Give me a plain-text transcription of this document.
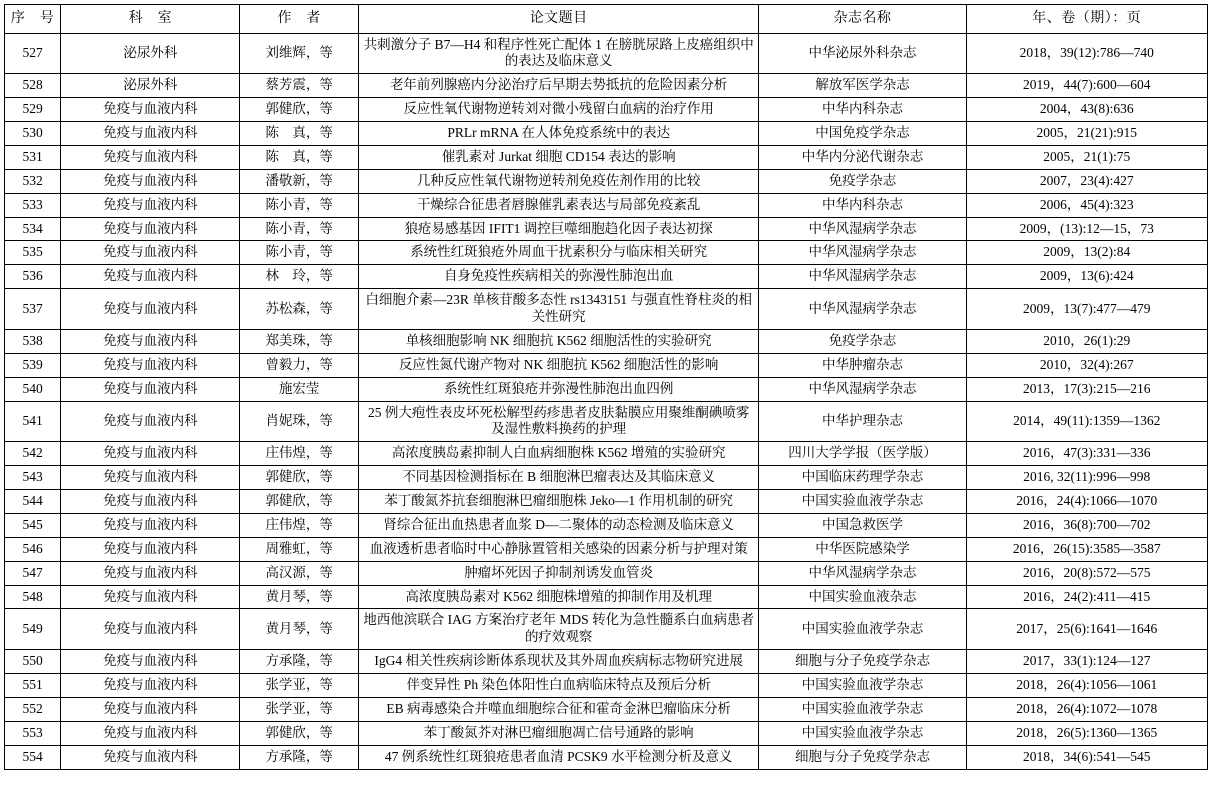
序　号	科　室	作　者	论文题目	杂志名称	年、卷（期）：页
527	泌尿外科	刘维辉，等	共刺激分子 B7—H4 和程序性死亡配体 1 在膀胱尿路上皮癌组织中的表达及临床意义	中华泌尿外科杂志	2018，39(12):786—740
528	泌尿外科	蔡芳震，等	老年前列腺癌内分泌治疗后早期去势抵抗的危险因素分析	解放军医学杂志	2019，44(7):600—604
529	免疫与血液内科	郭健欣，等	反应性氧代谢物逆转刘对微小残留白血病的治疗作用	中华内科杂志	2004，43(8):636
530	免疫与血液内科	陈　真，等	PRLr mRNA 在人体免疫系统中的表达	中国免疫学杂志	2005，21(21):915
531	免疫与血液内科	陈　真，等	催乳素对 Jurkat 细胞 CD154 表达的影响	中华内分泌代谢杂志	2005，21(1):75
532	免疫与血液内科	潘敬新，等	几种反应性氧代谢物逆转剂免疫佐剂作用的比较	免疫学杂志	2007，23(4):427
533	免疫与血液内科	陈小青，等	干燥综合征患者唇腺催乳素表达与局部免疫紊乱	中华内科杂志	2006，45(4):323
534	免疫与血液内科	陈小青，等	狼疮易感基因 IFIT1 调控巨噬细胞趋化因子表达初探	中华风湿病学杂志	2009，(13):12—15，73
535	免疫与血液内科	陈小青，等	系统性红斑狼疮外周血干扰素积分与临床相关研究	中华风湿病学杂志	2009，13(2):84
536	免疫与血液内科	林　玲，等	自身免疫性疾病相关的弥漫性肺泡出血	中华风湿病学杂志	2009，13(6):424
537	免疫与血液内科	苏松森，等	白细胞介素—23R 单核苷酸多态性 rs1343151 与强直性脊柱炎的相关性研究	中华风湿病学杂志	2009，13(7):477—479
538	免疫与血液内科	郑美珠，等	单核细胞影响 NK 细胞抗 K562 细胞活性的实验研究	免疫学杂志	2010，26(1):29
539	免疫与血液内科	曾毅力，等	反应性氮代谢产物对 NK 细胞抗 K562 细胞活性的影响	中华肿瘤杂志	2010，32(4):267
540	免疫与血液内科	施宏莹	系统性红斑狼疮并弥漫性肺泡出血四例	中华风湿病学杂志	2013，17(3):215—216
541	免疫与血液内科	肖妮珠，等	25 例大疱性表皮坏死松解型药疹患者皮肤黏膜应用聚维酮碘喷雾及湿性敷料换药的护理	中华护理杂志	2014，49(11):1359—1362
542	免疫与血液内科	庄伟煌，等	高浓度胰岛素抑制人白血病细胞株 K562 增殖的实验研究	四川大学学报（医学版）	2016，47(3):331—336
543	免疫与血液内科	郭健欣，等	不同基因检测指标在 B 细胞淋巴瘤表达及其临床意义	中国临床药理学杂志	2016, 32(11):996—998
544	免疫与血液内科	郭健欣，等	苯丁酸氮芥抗套细胞淋巴瘤细胞株 Jeko—1 作用机制的研究	中国实验血液学杂志	2016，24(4):1066—1070
545	免疫与血液内科	庄伟煌，等	肾综合征出血热患者血浆 D—二聚体的动态检测及临床意义	中国急救医学	2016，36(8):700—702
546	免疫与血液内科	周雅虹，等	血液透析患者临时中心静脉置管相关感染的因素分析与护理对策	中华医院感染学	2016，26(15):3585—3587
547	免疫与血液内科	高汉源，等	肿瘤坏死因子抑制剂诱发血管炎	中华风湿病学杂志	2016，20(8):572—575
548	免疫与血液内科	黄月琴，等	高浓度胰岛素对 K562 细胞株增殖的抑制作用及机理	中国实验血液杂志	2016，24(2):411—415
549	免疫与血液内科	黄月琴，等	地西他滨联合 IAG 方案治疗老年 MDS 转化为急性髓系白血病患者的疗效观察	中国实验血液学杂志	2017，25(6):1641—1646
550	免疫与血液内科	方承隆，等	IgG4 相关性疾病诊断体系现状及其外周血疾病标志物研究进展	细胞与分子免疫学杂志	2017，33(1):124—127
551	免疫与血液内科	张学亚，等	伴变异性 Ph 染色体阳性白血病临床特点及预后分析	中国实验血液学杂志	2018，26(4):1056—1061
552	免疫与血液内科	张学亚，等	EB 病毒感染合并噬血细胞综合征和霍奇金淋巴瘤临床分析	中国实验血液学杂志	2018，26(4):1072—1078
553	免疫与血液内科	郭健欣，等	苯丁酸氮芥对淋巴瘤细胞凋亡信号通路的影响	中国实验血液学杂志	2018，26(5):1360—1365
554	免疫与血液内科	方承隆，等	47 例系统性红斑狼疮患者血清 PCSK9 水平检测分析及意义	细胞与分子免疫学杂志	2018，34(6):541—545
